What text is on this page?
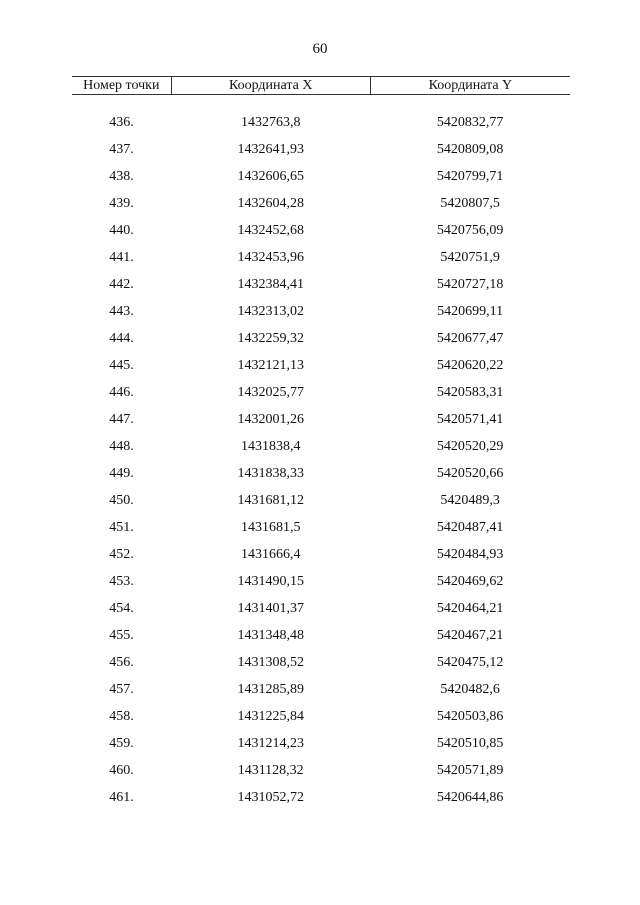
60
Номер точки	Координата X	Координата Y

436.	1432763,8	5420832,77
437.	1432641,93	5420809,08
438.	1432606,65	5420799,71
439.	1432604,28	5420807,5
440.	1432452,68	5420756,09
441.	1432453,96	5420751,9
442.	1432384,41	5420727,18
443.	1432313,02	5420699,11
444.	1432259,32	5420677,47
445.	1432121,13	5420620,22
446.	1432025,77	5420583,31
447.	1432001,26	5420571,41
448.	1431838,4	5420520,29
449.	1431838,33	5420520,66
450.	1431681,12	5420489,3
451.	1431681,5	5420487,41
452.	1431666,4	5420484,93
453.	1431490,15	5420469,62
454.	1431401,37	5420464,21
455.	1431348,48	5420467,21
456.	1431308,52	5420475,12
457.	1431285,89	5420482,6
458.	1431225,84	5420503,86
459.	1431214,23	5420510,85
460.	1431128,32	5420571,89
461.	1431052,72	5420644,86
